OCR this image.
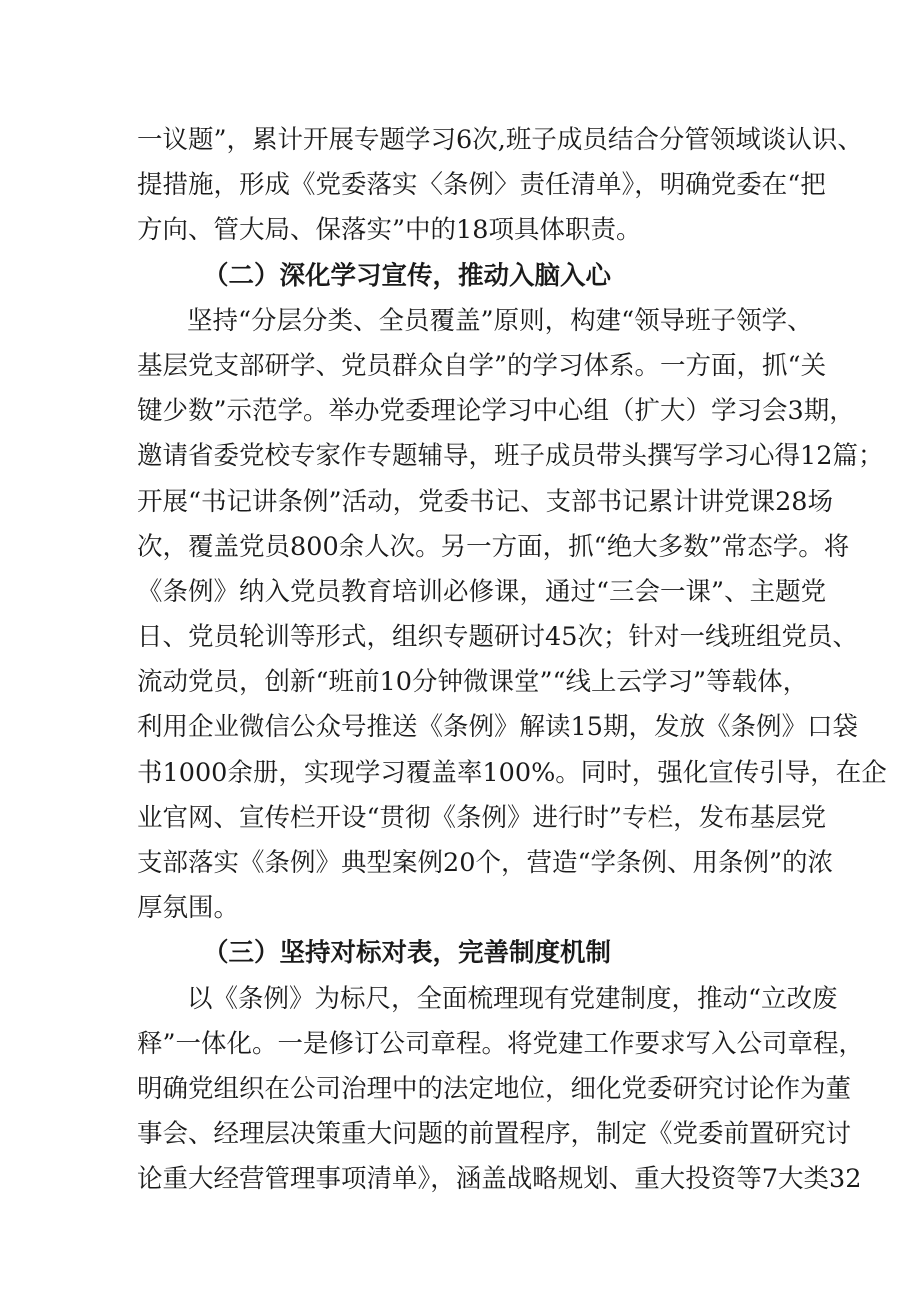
一议题”，累计开展专题学习6次,班子成员结合分管领域谈认识、
提措施，形成《党委落实〈条例〉责任清单》，明确党委在“把
方向、管大局、保落实”中的18项具体职责。
（二）深化学习宣传，推动入脑入心
坚持“分层分类、全员覆盖”原则，构建“领导班子领学、
基层党支部研学、党员群众自学”的学习体系。一方面，抓“关
键少数”示范学。举办党委理论学习中心组（扩大）学习会3期，
邀请省委党校专家作专题辅导，班子成员带头撰写学习心得12篇；
开展“书记讲条例”活动，党委书记、支部书记累计讲党课28场
次，覆盖党员800余人次。另一方面，抓“绝大多数”常态学。将
《条例》纳入党员教育培训必修课，通过“三会一课”、主题党
日、党员轮训等形式，组织专题研讨45次；针对一线班组党员、
流动党员，创新“班前10分钟微课堂”“线上云学习”等载体，
利用企业微信公众号推送《条例》解读15期，发放《条例》口袋
书1000余册，实现学习覆盖率100%。同时，强化宣传引导，在企
业官网、宣传栏开设“贯彻《条例》进行时”专栏，发布基层党
支部落实《条例》典型案例20个，营造“学条例、用条例”的浓
厚氛围。
（三）坚持对标对表，完善制度机制
以《条例》为标尺，全面梳理现有党建制度，推动“立改废
释”一体化。一是修订公司章程。将党建工作要求写入公司章程，
明确党组织在公司治理中的法定地位，细化党委研究讨论作为董
事会、经理层决策重大问题的前置程序，制定《党委前置研究讨
论重大经营管理事项清单》，涵盖战略规划、重大投资等7大类32
